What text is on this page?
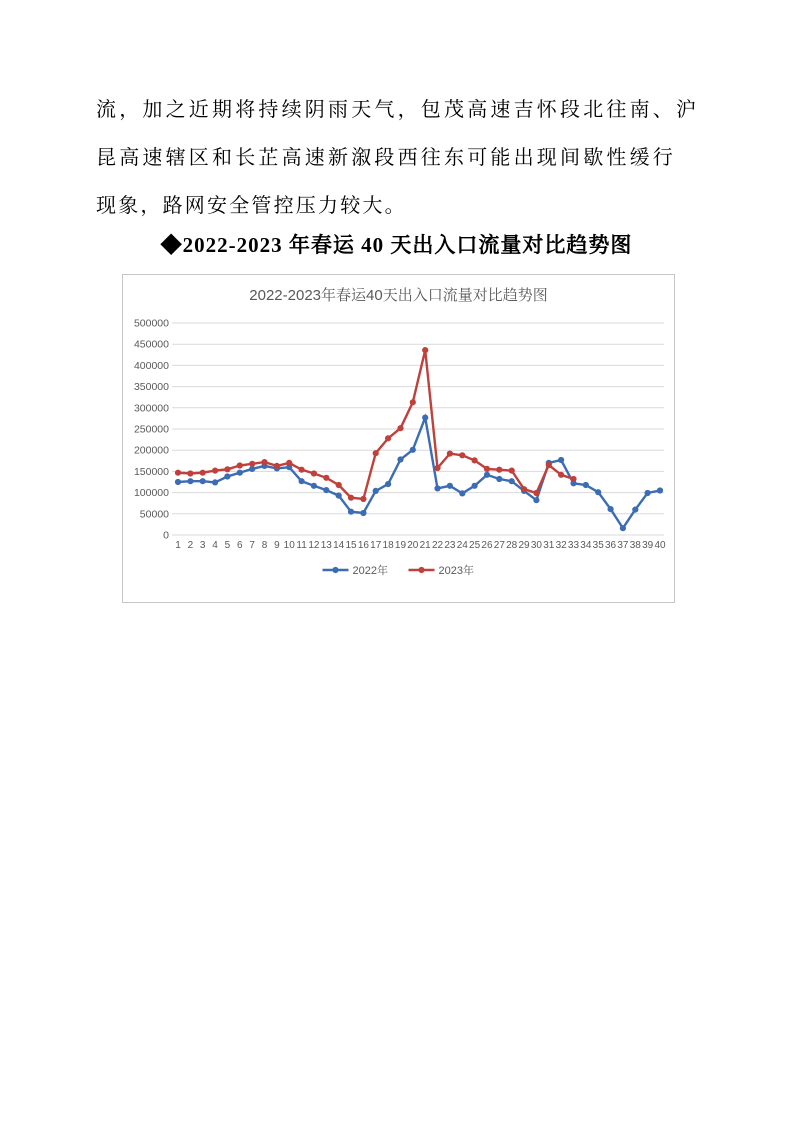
流，加之近期将持续阴雨天气，包茂高速吉怀段北往南、沪
昆高速辖区和长芷高速新溆段西往东可能出现间歇性缓行
现象，路网安全管控压力较大。
◆2022-2023 年春运 40 天出入口流量对比趋势图
0
50000
100000
150000
200000
250000
300000
350000
400000
450000
500000
1 2 3 4 5 6 7 8 9 10 11 12 13 14 15 16 17 18 19 20 21 22 23 24 25 26 27 28 29 30 31 32 33 34 35 36 37 38 39 40
2022年	2023年
2022-2023年春运40天出入口流量对比趋势图
